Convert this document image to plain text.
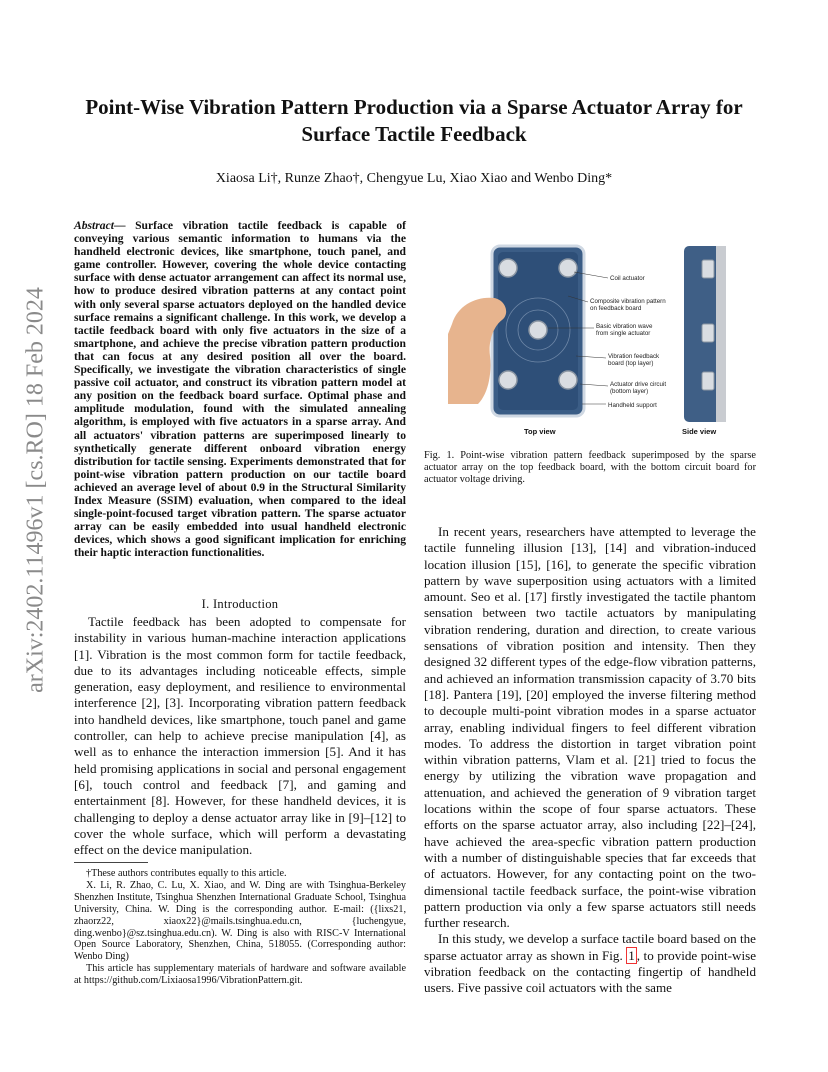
Point-Wise Vibration Pattern Production via a Sparse Actuator Array for Surface Tactile Feedback
Xiaosa Li†, Runze Zhao†, Chengyue Lu, Xiao Xiao and Wenbo Ding*
arXiv:2402.11496v1 [cs.RO] 18 Feb 2024
Abstract— Surface vibration tactile feedback is capable of conveying various semantic information to humans via the handheld electronic devices, like smartphone, touch panel, and game controller. However, covering the whole device contacting surface with dense actuator arrangement can affect its normal use, how to produce desired vibration patterns at any contact point with only several sparse actuators deployed on the handled device surface remains a significant challenge. In this work, we develop a tactile feedback board with only five actuators in the size of a smartphone, and achieve the precise vibration pattern production that can focus at any desired position all over the board. Specifically, we investigate the vibration characteristics of single passive coil actuator, and construct its vibration pattern model at any position on the feedback board surface. Optimal phase and amplitude modulation, found with the simulated annealing algorithm, is employed with five actuators in a sparse array. And all actuators' vibration patterns are superimposed linearly to synthetically generate different onboard vibration energy distribution for tactile sensing. Experiments demonstrated that for point-wise vibration pattern production on our tactile board achieved an average level of about 0.9 in the Structural Similarity Index Measure (SSIM) evaluation, when compared to the ideal single-point-focused target vibration pattern. The sparse actuator array can be easily embedded into usual handheld electronic devices, which shows a good significant implication for enriching their haptic interaction functionalities.
I. Introduction

Tactile feedback has been adopted to compensate for instability in various human-machine interaction applications [1]. Vibration is the most common form for tactile feedback, due to its advantages including noticeable effects, simple generation, easy deployment, and resilience to environmental interference [2], [3]. Incorporating vibration pattern feedback into handheld devices, like smartphone, touch panel and game controller, can help to achieve precise manipulation [4], as well as to enhance the interaction immersion [5]. And it has held promising applications in social and personal engagement [6], touch control and feedback [7], and gaming and entertainment [8]. However, for these handheld devices, it is challenging to deploy a dense actuator array like in [9]–[12] to cover the whole surface, which will perform a devastating effect on the device manipulation.

†These authors contributes equally to this article.

X. Li, R. Zhao, C. Lu, X. Xiao, and W. Ding are with Tsinghua-Berkeley Shenzhen Institute, Tsinghua Shenzhen International Graduate School, Tsinghua University, China. W. Ding is the corresponding author. E-mail: ({lixs21, zhaorz22, xiaox22}@mails.tsinghua.edu.cn, {luchengyue, ding.wenbo}@sz.tsinghua.edu.cn). W. Ding is also with RISC-V International Open Source Laboratory, Shenzhen, China, 518055. (Corresponding author: Wenbo Ding)

This article has supplementary materials of hardware and software available at https://github.com/Lixiaosa1996/VibrationPattern.git.

Coil actuator
Composite vibration pattern
on feedback board
Basic vibration wave
from single actuator
Vibration feedback
board (top layer)
Actuator drive circuit
(bottom layer)
Handheld support
Top view	Side view
Fig. 1. Point-wise vibration pattern feedback superimposed by the sparse actuator array on the top feedback board, with the bottom circuit board for actuator voltage driving.

In recent years, researchers have attempted to leverage the tactile funneling illusion [13], [14] and vibration-induced location illusion [15], [16], to generate the specific vibration pattern by wave superposition using actuators with a limited amount. Seo et al. [17] firstly investigated the tactile phantom sensation between two tactile actuators by manipulating vibration rendering, duration and direction, to create various sensations of vibration position and intensity. Then they designed 32 different types of the edge-flow vibration patterns, and achieved an information transmission capacity of 3.70 bits [18]. Pantera [19], [20] employed the inverse filtering method to decouple multi-point vibration modes in a sparse actuator array, enabling individual fingers to feel different vibration modes. To address the distortion in target vibration point within vibration patterns, Vlam et al. [21] tried to focus the energy by utilizing the vibration wave propagation and attenuation, and achieved the generation of 9 vibration target locations within the scope of four sparse actuators. These efforts on the sparse actuator array, also including [22]–[24], have achieved the area-specfic vibration pattern production with a number of distinguishable species that far exceeds that of actuators. However, for any contacting point on the two-dimensional tactile feedback surface, the point-wise vibration pattern production via only a few sparse actuators still needs further research.

In this study, we develop a surface tactile board based on the sparse actuator array as shown in Fig. 1 , to provide point-wise vibration feedback on the contacting fingertip of handheld users. Five passive coil actuators with the same
